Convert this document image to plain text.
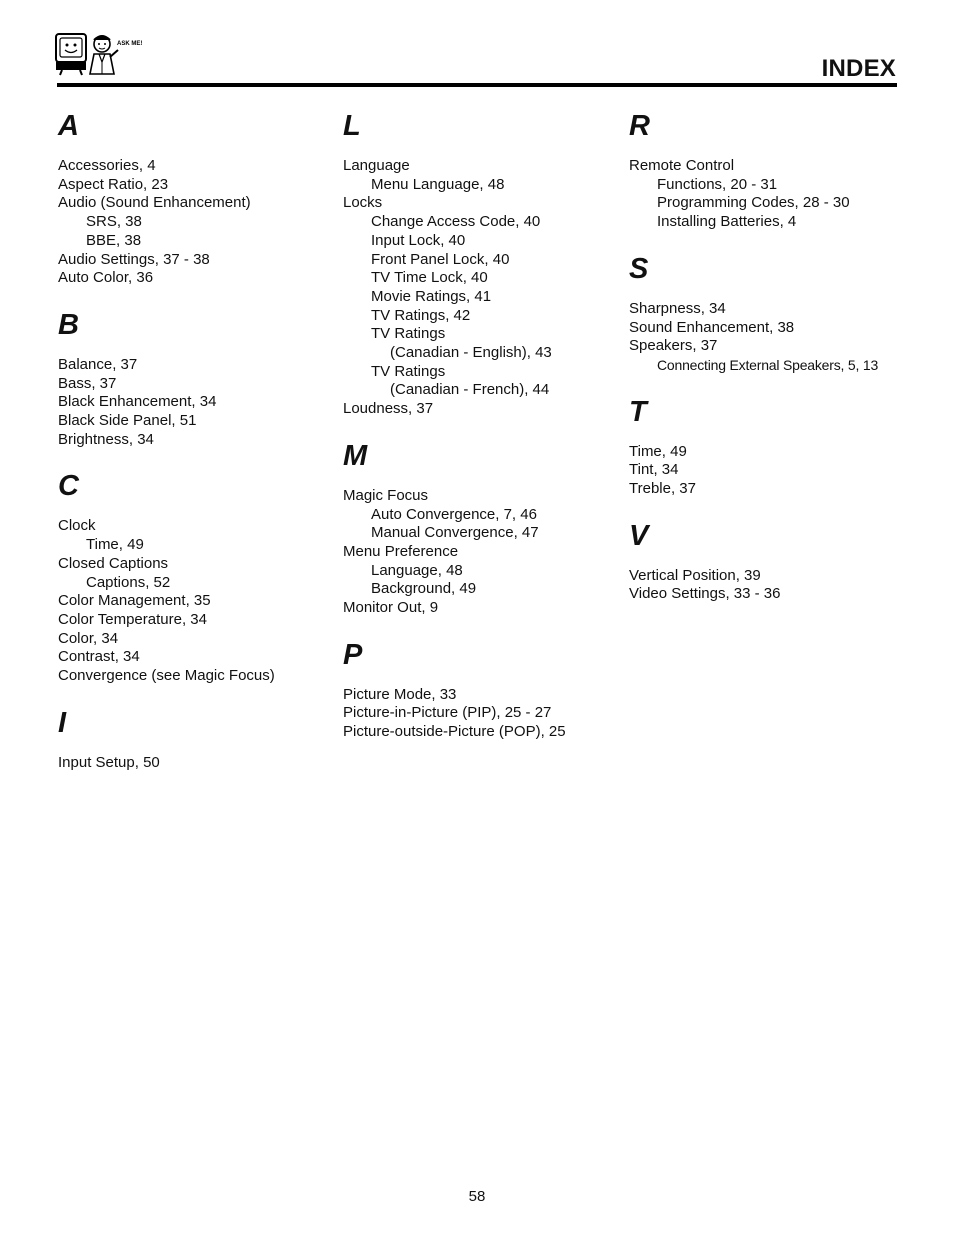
ASK ME!
INDEX
A
Accessories, 4
Aspect Ratio, 23
Audio (Sound Enhancement)
SRS, 38
BBE, 38
Audio Settings, 37 - 38
Auto Color, 36
B
Balance, 37
Bass, 37
Black Enhancement, 34
Black Side Panel, 51
Brightness, 34
C
Clock
Time, 49
Closed Captions
Captions, 52
Color Management, 35
Color Temperature, 34
Color, 34
Contrast, 34
Convergence (see Magic Focus)
I
Input Setup, 50
L
Language
Menu Language, 48
Locks
Change Access Code, 40
Input Lock, 40
Front Panel Lock, 40
TV Time Lock, 40
Movie Ratings, 41
TV Ratings, 42
TV Ratings
(Canadian - English), 43
TV Ratings
(Canadian - French), 44
Loudness, 37
M
Magic Focus
Auto Convergence, 7, 46
Manual Convergence, 47
Menu Preference
Language, 48
Background, 49
Monitor Out, 9
P
Picture Mode, 33
Picture-in-Picture (PIP), 25 - 27
Picture-outside-Picture (POP), 25
R
Remote Control
Functions, 20 - 31
Programming Codes, 28 - 30
Installing Batteries, 4
S
Sharpness, 34
Sound Enhancement, 38
Speakers, 37
Connecting External Speakers, 5, 13
T
Time, 49
Tint, 34
Treble, 37
V
Vertical Position, 39
Video Settings, 33 - 36
58
